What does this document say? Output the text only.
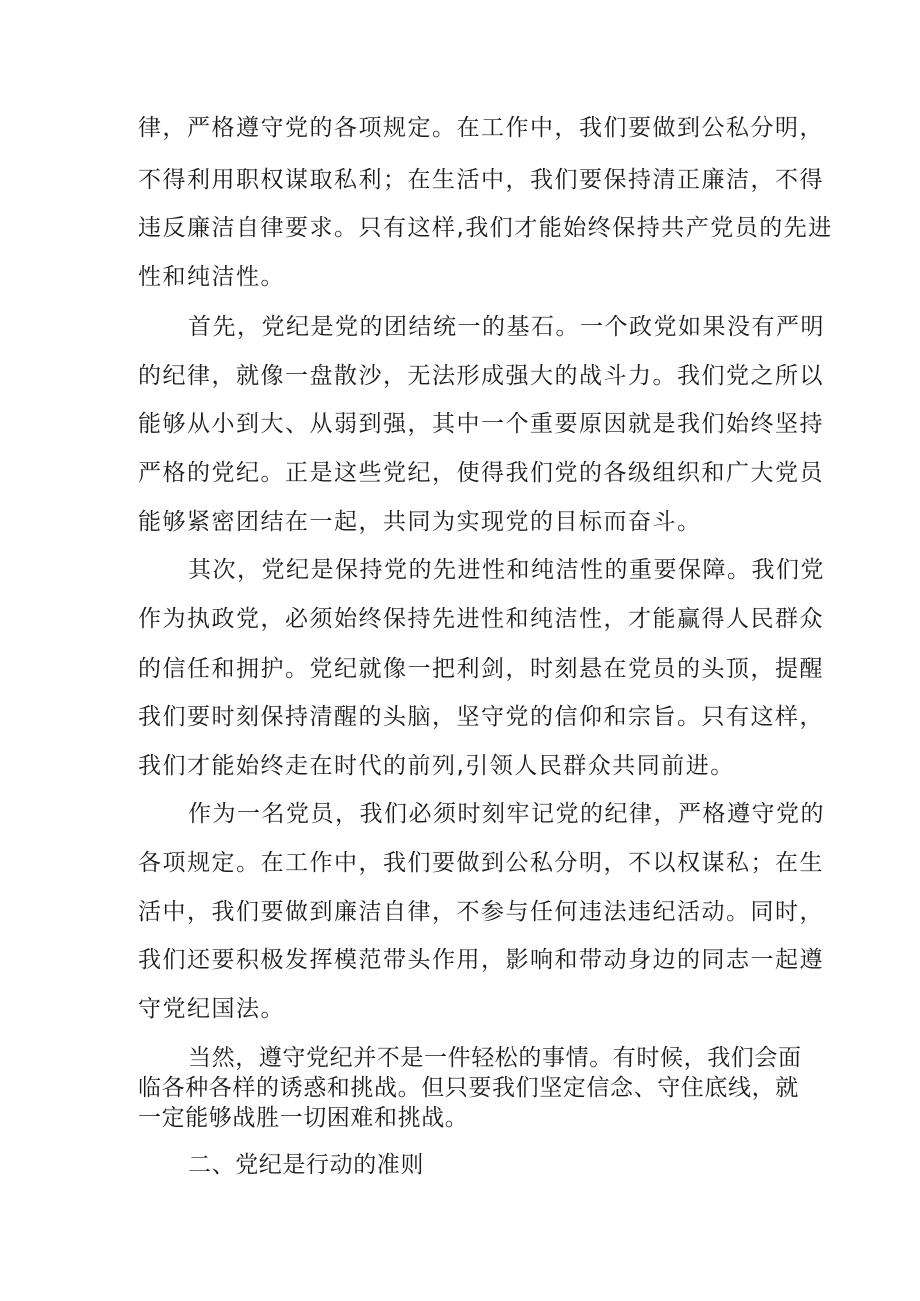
律，严格遵守党的各项规定。在工作中，我们要做到公私分明，
不得利用职权谋取私利；在生活中，我们要保持清正廉洁，不得
违反廉洁自律要求。只有这样,我们才能始终保持共产党员的先进
性和纯洁性。
首先，党纪是党的团结统一的基石。一个政党如果没有严明
的纪律，就像一盘散沙，无法形成强大的战斗力。我们党之所以
能够从小到大、从弱到强，其中一个重要原因就是我们始终坚持
严格的党纪。正是这些党纪，使得我们党的各级组织和广大党员
能够紧密团结在一起，共同为实现党的目标而奋斗。
其次，党纪是保持党的先进性和纯洁性的重要保障。我们党
作为执政党，必须始终保持先进性和纯洁性，才能赢得人民群众
的信任和拥护。党纪就像一把利剑，时刻悬在党员的头顶，提醒
我们要时刻保持清醒的头脑，坚守党的信仰和宗旨。只有这样，
我们才能始终走在时代的前列,引领人民群众共同前进。
作为一名党员，我们必须时刻牢记党的纪律，严格遵守党的
各项规定。在工作中，我们要做到公私分明，不以权谋私；在生
活中，我们要做到廉洁自律，不参与任何违法违纪活动。同时，
我们还要积极发挥模范带头作用，影响和带动身边的同志一起遵
守党纪国法。
当然，遵守党纪并不是一件轻松的事情。有时候，我们会面
临各种各样的诱惑和挑战。但只要我们坚定信念、守住底线，就
一定能够战胜一切困难和挑战。
二、党纪是行动的准则
